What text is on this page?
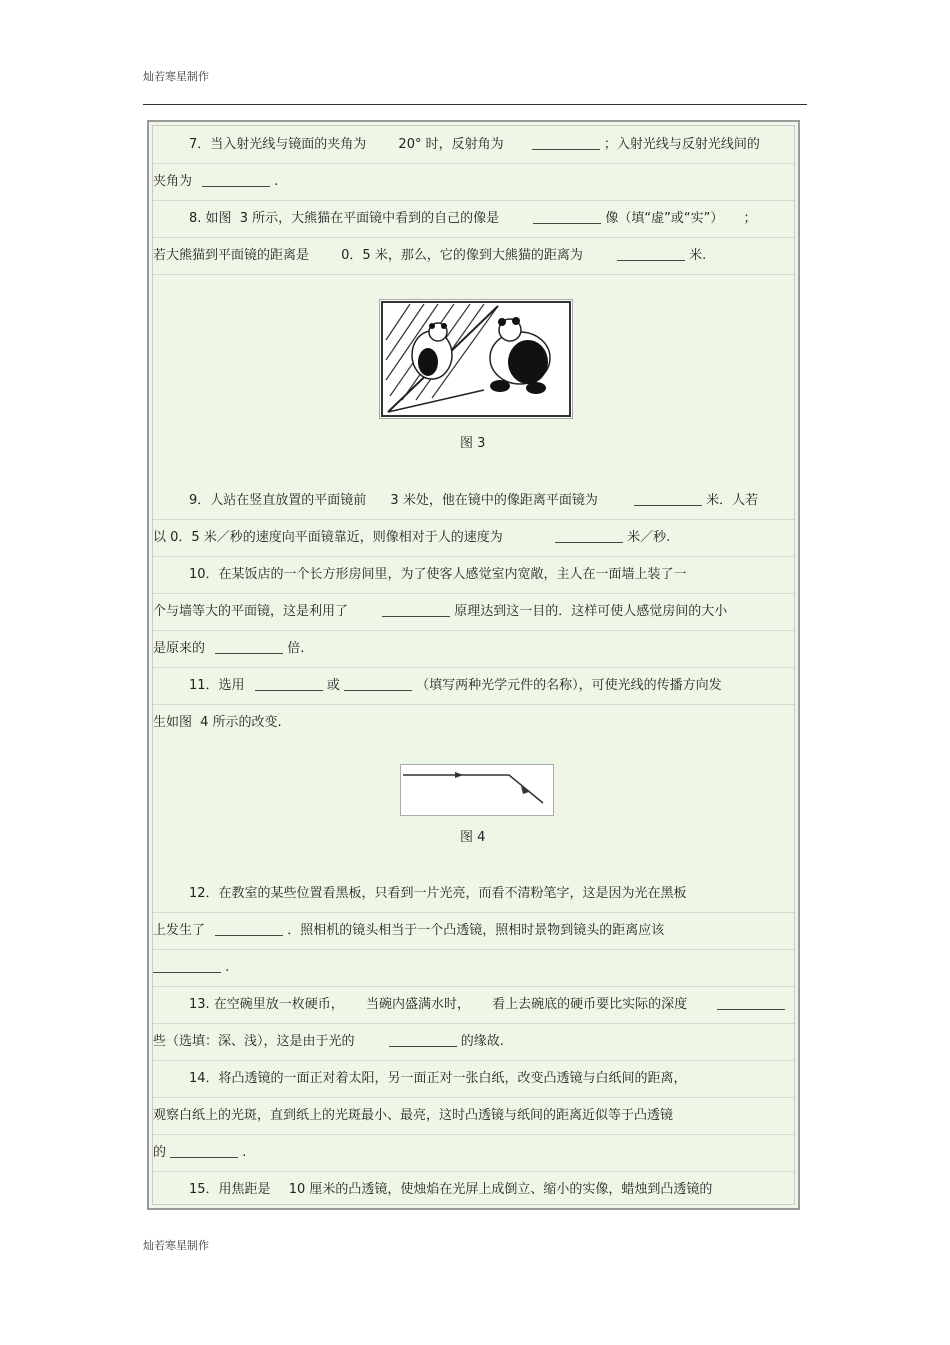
灿若寒星制作
7．当入射光线与镜面的夹角为 20° 时，反射角为	；入射光线与反射光线间的
夹角为	.
8. 如图 3 所示，大熊猫在平面镜中看到的自己的像是	像（填“虚”或“实”） ；
若大熊猫到平面镜的距离是 0．5 米，那么，它的像到大熊猫的距离为	米.
图 3
9．人站在竖直放置的平面镜前 3 米处，他在镜中的像距离平面镜为	米．人若
以 0．5 米／秒的速度向平面镜靠近，则像相对于人的速度为	米／秒.
10．在某饭店的一个长方形房间里，为了使客人感觉室内宽敞，主人在一面墙上装了一
个与墙等大的平面镜，这是利用了	原理达到这一目的．这样可使人感觉房间的大小
是原来的	倍.
11．选用	或	（填写两种光学元件的名称），可使光线的传播方向发
生如图 4 所示的改变.
图 4
12．在教室的某些位置看黑板，只看到一片光亮，而看不清粉笔字，这是因为光在黑板
上发生了	．照相机的镜头相当于一个凸透镜，照相时景物到镜头的距离应该
.
13. 在空碗里放一枚硬币， 当碗内盛满水时， 看上去碗底的硬币要比实际的深度
些（选填：深、浅），这是由于光的	的缘故.
14．将凸透镜的一面正对着太阳，另一面正对一张白纸，改变凸透镜与白纸间的距离，
观察白纸上的光斑，直到纸上的光斑最小、最亮，这时凸透镜与纸间的距离近似等于凸透镜
的	.
15．用焦距是 10 厘米的凸透镜，使烛焰在光屏上成倒立、缩小的实像，蜡烛到凸透镜的
灿若寒星制作
